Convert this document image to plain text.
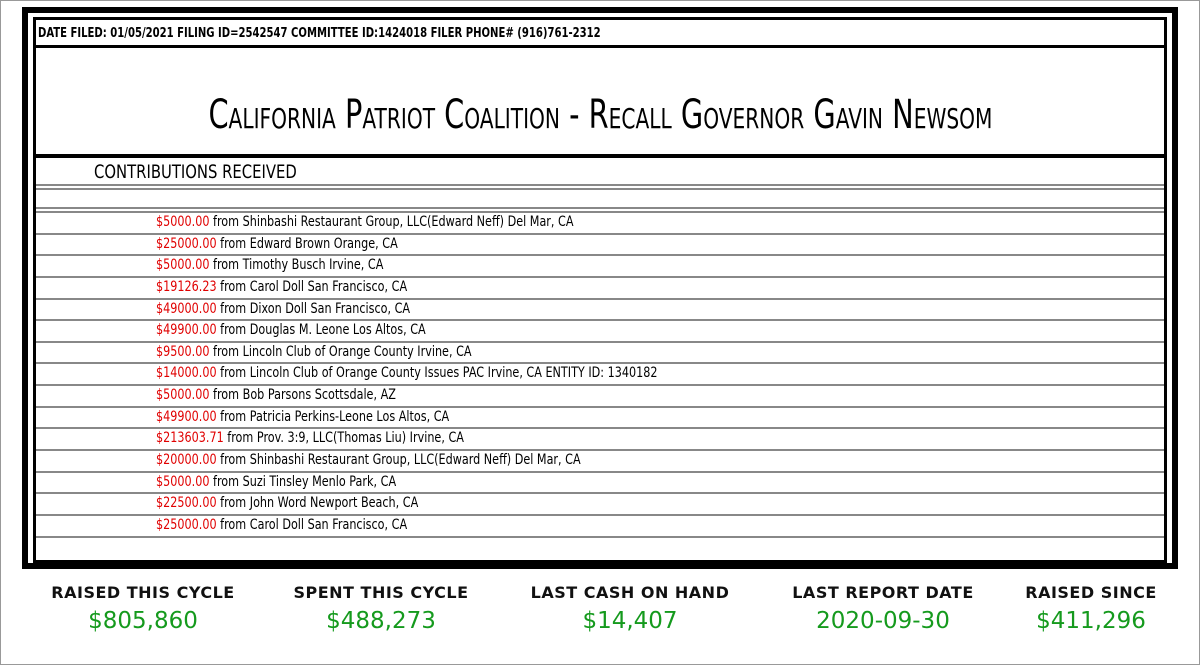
DATE FILED: 01/05/2021 FILING ID=2542547 COMMITTEE ID:1424018 FILER PHONE# (916)761-2312
California Patriot Coalition - Recall Governor Gavin Newsom
CONTRIBUTIONS RECEIVED
$5000.00 from Shinbashi Restaurant Group, LLC(Edward Neff) Del Mar, CA
$25000.00 from Edward Brown Orange, CA
$5000.00 from Timothy Busch Irvine, CA
$19126.23 from Carol Doll San Francisco, CA
$49000.00 from Dixon Doll San Francisco, CA
$49900.00 from Douglas M. Leone Los Altos, CA
$9500.00 from Lincoln Club of Orange County Irvine, CA
$14000.00 from Lincoln Club of Orange County Issues PAC Irvine, CA ENTITY ID: 1340182
$5000.00 from Bob Parsons Scottsdale, AZ
$49900.00 from Patricia Perkins-Leone Los Altos, CA
$213603.71 from Prov. 3:9, LLC(Thomas Liu) Irvine, CA
$20000.00 from Shinbashi Restaurant Group, LLC(Edward Neff) Del Mar, CA
$5000.00 from Suzi Tinsley Menlo Park, CA
$22500.00 from John Word Newport Beach, CA
$25000.00 from Carol Doll San Francisco, CA
RAISED THIS CYCLE
$805,860
SPENT THIS CYCLE
$488,273
LAST CASH ON HAND
$14,407
LAST REPORT DATE
2020-09-30
RAISED SINCE
$411,296
